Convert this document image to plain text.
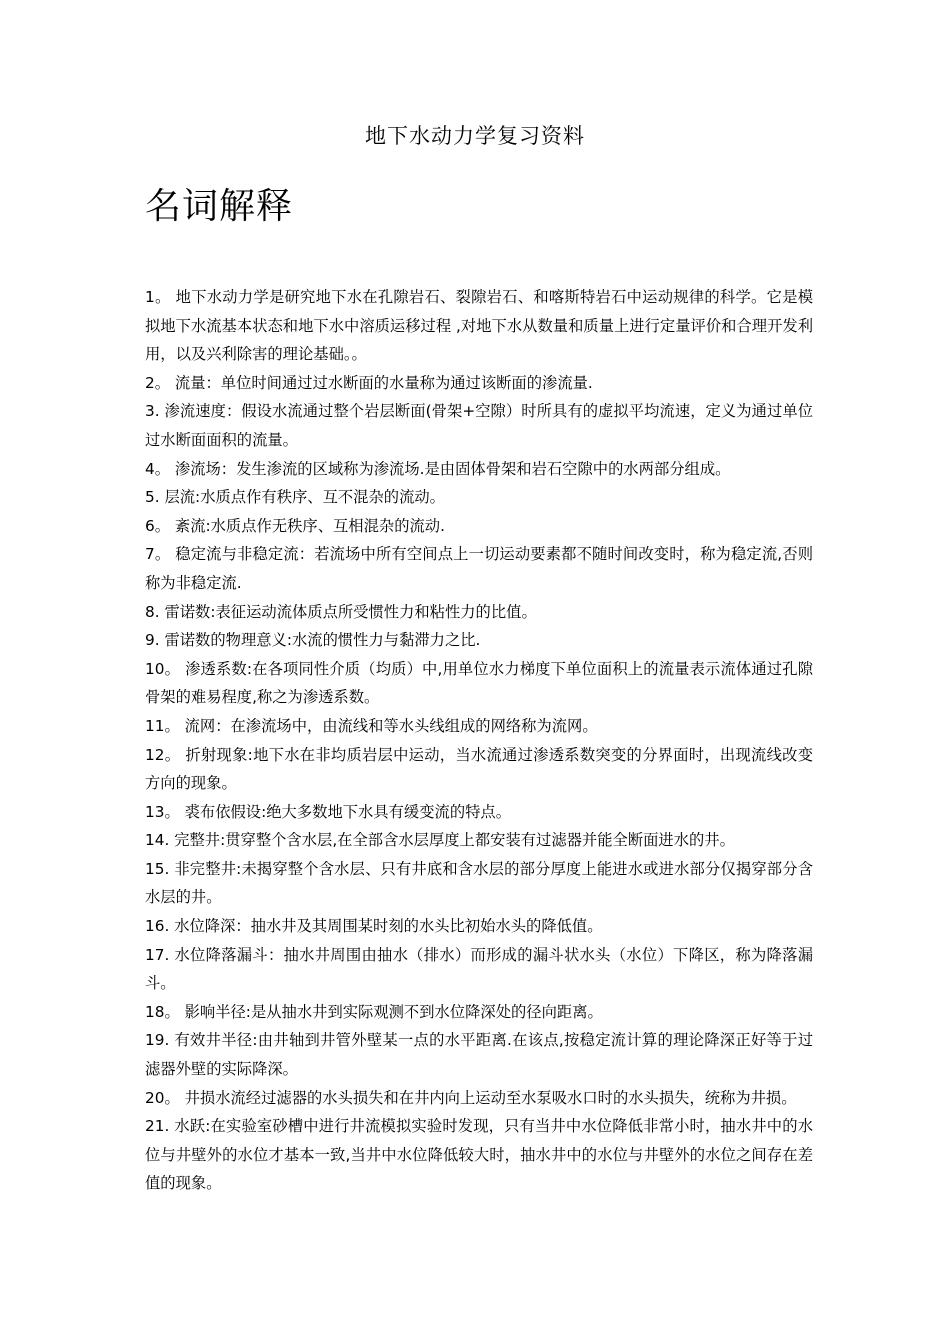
地下水动力学复习资料
名词解释

1。 地下水动力学是研究地下水在孔隙岩石、裂隙岩石、和喀斯特岩石中运动规律的科学。它是模拟地下水流基本状态和地下水中溶质运移过程 ,对地下水从数量和质量上进行定量评价和合理开发利用，以及兴利除害的理论基础。。

2。 流量：单位时间通过过水断面的水量称为通过该断面的渗流量.

3. 渗流速度：假设水流通过整个岩层断面(骨架+空隙）时所具有的虚拟平均流速，定义为通过单位过水断面面积的流量。

4。 渗流场：发生渗流的区域称为渗流场.是由固体骨架和岩石空隙中的水两部分组成。

5. 层流:水质点作有秩序、互不混杂的流动。

6。 紊流:水质点作无秩序、互相混杂的流动.

7。 稳定流与非稳定流：若流场中所有空间点上一切运动要素都不随时间改变时，称为稳定流,否则称为非稳定流.

8. 雷诺数:表征运动流体质点所受惯性力和粘性力的比值。

9. 雷诺数的物理意义:水流的惯性力与黏滞力之比.

10。 渗透系数:在各项同性介质（均质）中,用单位水力梯度下单位面积上的流量表示流体通过孔隙骨架的难易程度,称之为渗透系数。

11。 流网：在渗流场中，由流线和等水头线组成的网络称为流网。

12。 折射现象:地下水在非均质岩层中运动，当水流通过渗透系数突变的分界面时，出现流线改变方向的现象。

13。 裘布依假设:绝大多数地下水具有缓变流的特点。

14. 完整井:贯穿整个含水层,在全部含水层厚度上都安装有过滤器并能全断面进水的井。

15. 非完整井:未揭穿整个含水层、只有井底和含水层的部分厚度上能进水或进水部分仅揭穿部分含水层的井。

16. 水位降深：抽水井及其周围某时刻的水头比初始水头的降低值。

17. 水位降落漏斗：抽水井周围由抽水（排水）而形成的漏斗状水头（水位）下降区，称为降落漏斗。

18。 影响半径:是从抽水井到实际观测不到水位降深处的径向距离。

19. 有效井半径:由井轴到井管外壁某一点的水平距离.在该点,按稳定流计算的理论降深正好等于过滤器外壁的实际降深。

20。 井损水流经过滤器的水头损失和在井内向上运动至水泵吸水口时的水头损失，统称为井损。

21. 水跃:在实验室砂槽中进行井流模拟实验时发现，只有当井中水位降低非常小时，抽水井中的水位与井壁外的水位才基本一致,当井中水位降低较大时，抽水井中的水位与井壁外的水位之间存在差值的现象。
